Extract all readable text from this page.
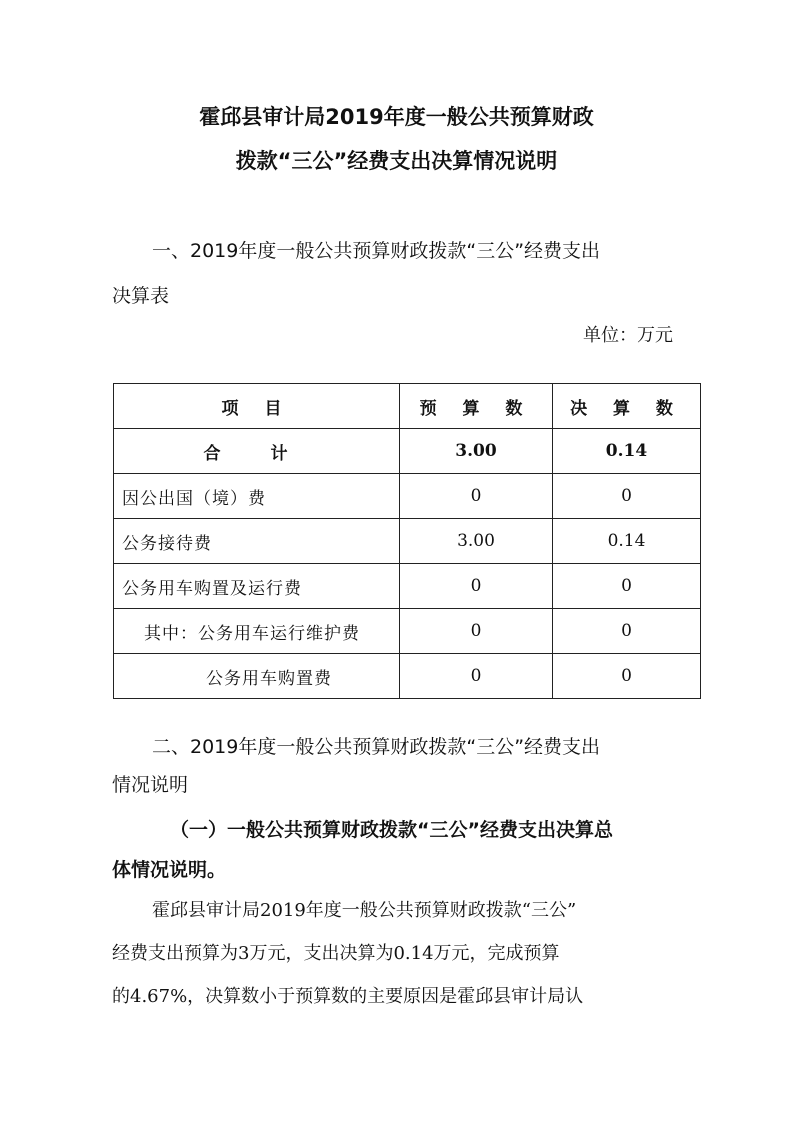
霍邱县审计局2019年度一般公共预算财政
拨款“三公”经费支出决算情况说明
一、2019年度一般公共预算财政拨款“三公”经费支出
决算表
单位：万元
项 目	预 算 数	决 算 数
合 计	3.00	0.14
因公出国（境）费	0	0
公务接待费	3.00	0.14
公务用车购置及运行费	0	0
其中：公务用车运行维护费	0	0
公务用车购置费	0	0
二、2019年度一般公共预算财政拨款“三公”经费支出
情况说明
（一）一般公共预算财政拨款“三公”经费支出决算总
体情况说明。
霍邱县审计局2019年度一般公共预算财政拨款“三公”
经费支出预算为3万元，支出决算为0.14万元，完成预算
的4.67%，决算数小于预算数的主要原因是霍邱县审计局认
